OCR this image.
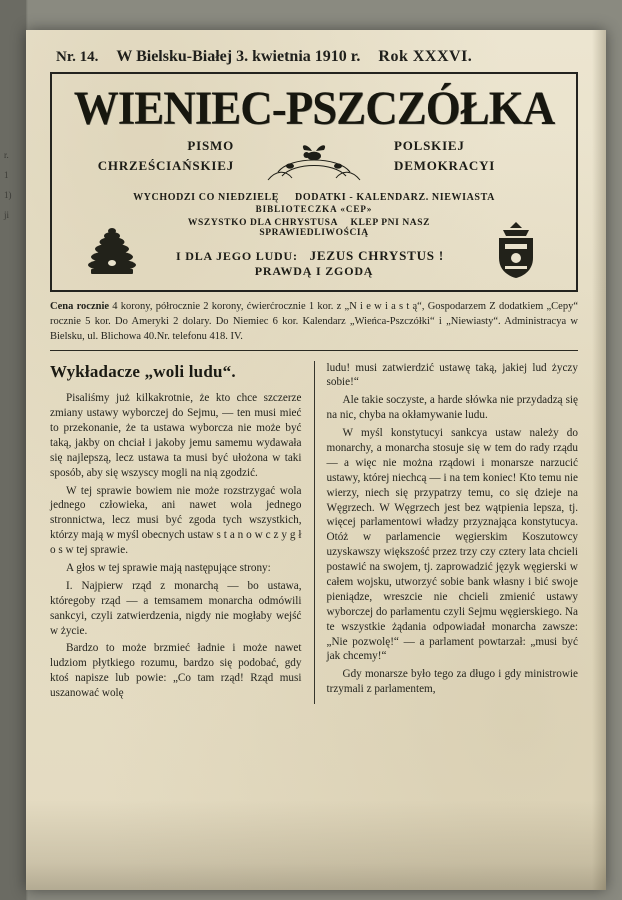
r.
1
1)
ji
Nr. 14. W Bielsku-Białej 3. kwietnia 1910 r. Rok XXXVI.
WIENIEC-PSZCZÓŁKA
PISMO
CHRZEŚCIAŃSKIEJ
POLSKIEJ
DEMOKRACYI
WYCHODZI CO NIEDZIELĘ DODATKI - KALENDARZ. NIEWIASTA
BIBLIOTECZKA «CEP»
WSZYSTKO DLA CHRYSTUSA KLEP PNI NASZ SPRAWIEDLIWOŚCIĄ
I DLA JEGO LUDU: JEZUS CHRYSTUS ! PRAWDĄ I ZGODĄ
Cena rocznie 4 korony, półrocznie 2 korony, ćwierćrocznie 1 kor. z „N i e w i a s t ą“, Gospodarzem Z dodatkiem „Cepy“ rocznie 5 kor. Do Ameryki 2 dolary. Do Niemiec 6 kor. Kalendarz „Wieńca-Pszczółki“ i „Niewiasty“. Administracya w Bielsku, ul. Blichowa 40.Nr. telefonu 418. IV.
Wykładacze „woli ludu“.

Pisaliśmy już kilkakrotnie, że kto chce szczerze zmiany ustawy wyborczej do Sejmu, — ten musi mieć to przekonanie, że ta ustawa wyborcza nie może być taką, jakby on chciał i jakoby jemu samemu wydawała się najlepszą, lecz ustawa ta musi być ułożona w taki sposób, aby się wszyscy mogli na nią zgodzić.

W tej sprawie bowiem nie może rozstrzygać wola jednego człowieka, ani nawet wola jednego stronnictwa, lecz musi być zgoda tych wszystkich, którzy mają w myśl obecnych ustaw s t a n o w c z y g ł o s w tej sprawie.

A głos w tej sprawie mają następujące strony:

I. Najpierw rząd z monarchą — bo ustawa, któregoby rząd — a temsamem monarcha odmówili sankcyi, czyli zatwierdzenia, nigdy nie mogłaby wejść w życie.

Bardzo to może brzmieć ładnie i może nawet ludziom płytkiego rozumu, bardzo się podobać, gdy ktoś napisze lub powie: „Co tam rząd! Rząd musi uszanować wolę

ludu! musi zatwierdzić ustawę taką, jakiej lud życzy sobie!“

Ale takie soczyste, a harde słówka nie przydadzą się na nic, chyba na okłamywanie ludu.

W myśl konstytucyi sankcya ustaw należy do monarchy, a monarcha stosuje się w tem do rady rządu — a więc nie można rządowi i monarsze narzucić ustawy, której niechcą — i na tem koniec! Kto temu nie wierzy, niech się przypatrzy temu, co się dzieje na Węgrzech. W Węgrzech jest bez wątpienia lepsza, tj. więcej parlamentowi władzy przyznająca konstytucya. Otóż w parlamencie węgierskim Koszutowcy uzyskawszy większość przez trzy czy cztery lata chcieli postawić na swojem, tj. zaprowadzić język węgierski w całem wojsku, utworzyć sobie bank własny i bić swoje pieniądze, wreszcie nie chcieli zmienić ustawy wyborczej do parlamentu czyli Sejmu węgierskiego. Na te wszystkie żądania odpowiadał monarcha zawsze: „Nie pozwolę!“ — a parlament powtarzał: „musi być jak chcemy!“

Gdy monarsze było tego za długo i gdy ministrowie trzymali z parlamentem,
